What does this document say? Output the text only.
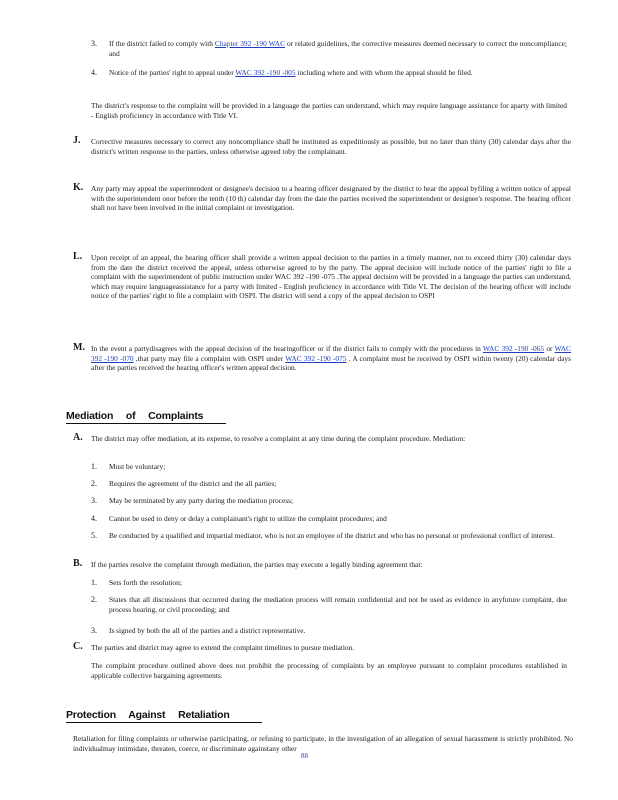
3. If the district failed to comply with Chapter 392 -190 WAC or related guidelines, the corrective measures deemed necessary to correct the noncompliance; and
4. Notice of the parties' right to appeal under WAC 392 -190 -005 including where and with whom the appeal should be filed.
The district's response to the complaint will be provided in a language the parties can understand, which may require language assistance for aparty with limited - English proficiency in accordance with Title VI.
J. Corrective measures necessary to correct any noncompliance shall be instituted as expeditiously as possible, but no later than thirty (30) calendar days after the district's written response to the parties, unless otherwise agreed toby the complainant.
K. Any party may appeal the superintendent or designee's decision to a hearing officer designated by the district to hear the appeal byfiling a written notice of appeal with the superintendent onor before the tenth (10 th) calendar day from the date the parties received the superintendent or designee's response. The hearing officer shall not have been involved in the initial complaint or investigation.
L. Upon receipt of an appeal, the hearing officer shall provide a written appeal decision to the parties in a timely manner, not to exceed thirty (30) calendar days from the date the district received the appeal, unless otherwise agreed to by the party. The appeal decision will include notice of the parties' right to file a complaint with the superintendent of public instruction under WAC 392 -190 -075 .The appeal decision will be provided in a language the parties can understand, which may require languageassistance for a party with limited - English proficiency in accordance with Title VI. The decision of the hearing officer will include notice of the parties' right to file a complaint with OSPI. The district will send a copy of the appeal decision to OSPI
M. In the event a partydisagrees with the appeal decision of the hearingofficer or if the district fails to comply with the procedures in WAC 392 -190 -065 or WAC 392 -190 -070 ,that party may file a complaint with OSPI under WAC 392 -190 -075 . A complaint must be received by OSPI within twenty (20) calendar days after the parties received the hearing officer's written appeal decision.
Mediation of Complaints
A. The district may offer mediation, at its expense, to resolve a complaint at any time during the complaint procedure. Mediation:
1. Must be voluntary;
2. Requires the agreement of the district and the all parties;
3. May be terminated by any party during the mediation process;
4. Cannot be used to deny or delay a complainant's right to utilize the complaint procedures; and
5. Be conducted by a qualified and impartial mediator, who is not an employee of the district and who has no personal or professional conflict of interest.
B. If the parties resolve the complaint through mediation, the parties may execute a legally binding agreement that:
1. Sets forth the resolution;
2. States that all discussions that occurred during the mediation process will remain confidential and not be used as evidence in anyfuture complaint, due process hearing, or civil proceeding; and
3. Is signed by both the all of the parties and a district representative.
C. The parties and district may agree to extend the complaint timelines to pursue mediation.
The complaint procedure outlined above does not prohibit the processing of complaints by an employee pursuant to complaint procedures established in applicable collective bargaining agreements.
Protection Against Retaliation
Retaliation for filing complaints or otherwise participating, or refusing to participate, in the investigation of an allegation of sexual harassment is strictly prohibited. No individualmay intimidate, threaten, coerce, or discriminate againstany other
88
